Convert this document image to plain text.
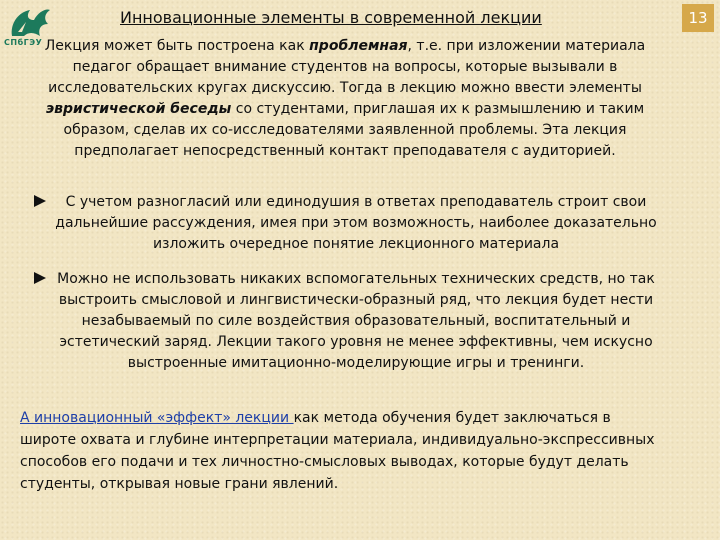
СПбГЭУ
13
Инновационные элементы в современной лекции
Лекция может быть построена как проблемная, т.е. при изложении материала педагог обращает внимание студентов на вопросы, которые вызывали в исследовательских кругах дискуссию. Тогда в лекцию можно ввести элементы эвристической беседы со студентами, приглашая их к размышлению и таким образом, сделав их со-исследователями заявленной проблемы. Эта лекция предполагает непосредственный контакт преподавателя с аудиторией.
С учетом разногласий или единодушия в ответах преподаватель строит свои дальнейшие рассуждения, имея при этом возможность, наиболее доказательно изложить очередное понятие лекционного материала
Можно не использовать никаких вспомогательных технических средств, но так выстроить смысловой и лингвистически-образный ряд, что лекция будет нести незабываемый по силе воздействия образовательный, воспитательный и эстетический заряд. Лекции такого уровня не менее эффективны, чем искусно выстроенные имитационно-моделирующие игры и тренинги.
А инновационный «эффект» лекции как метода обучения будет заключаться в широте охвата и глубине интерпретации материала, индивидуально-экспрессивных способов его подачи и тех личностно-смысловых выводах, которые будут делать студенты, открывая новые грани явлений.
